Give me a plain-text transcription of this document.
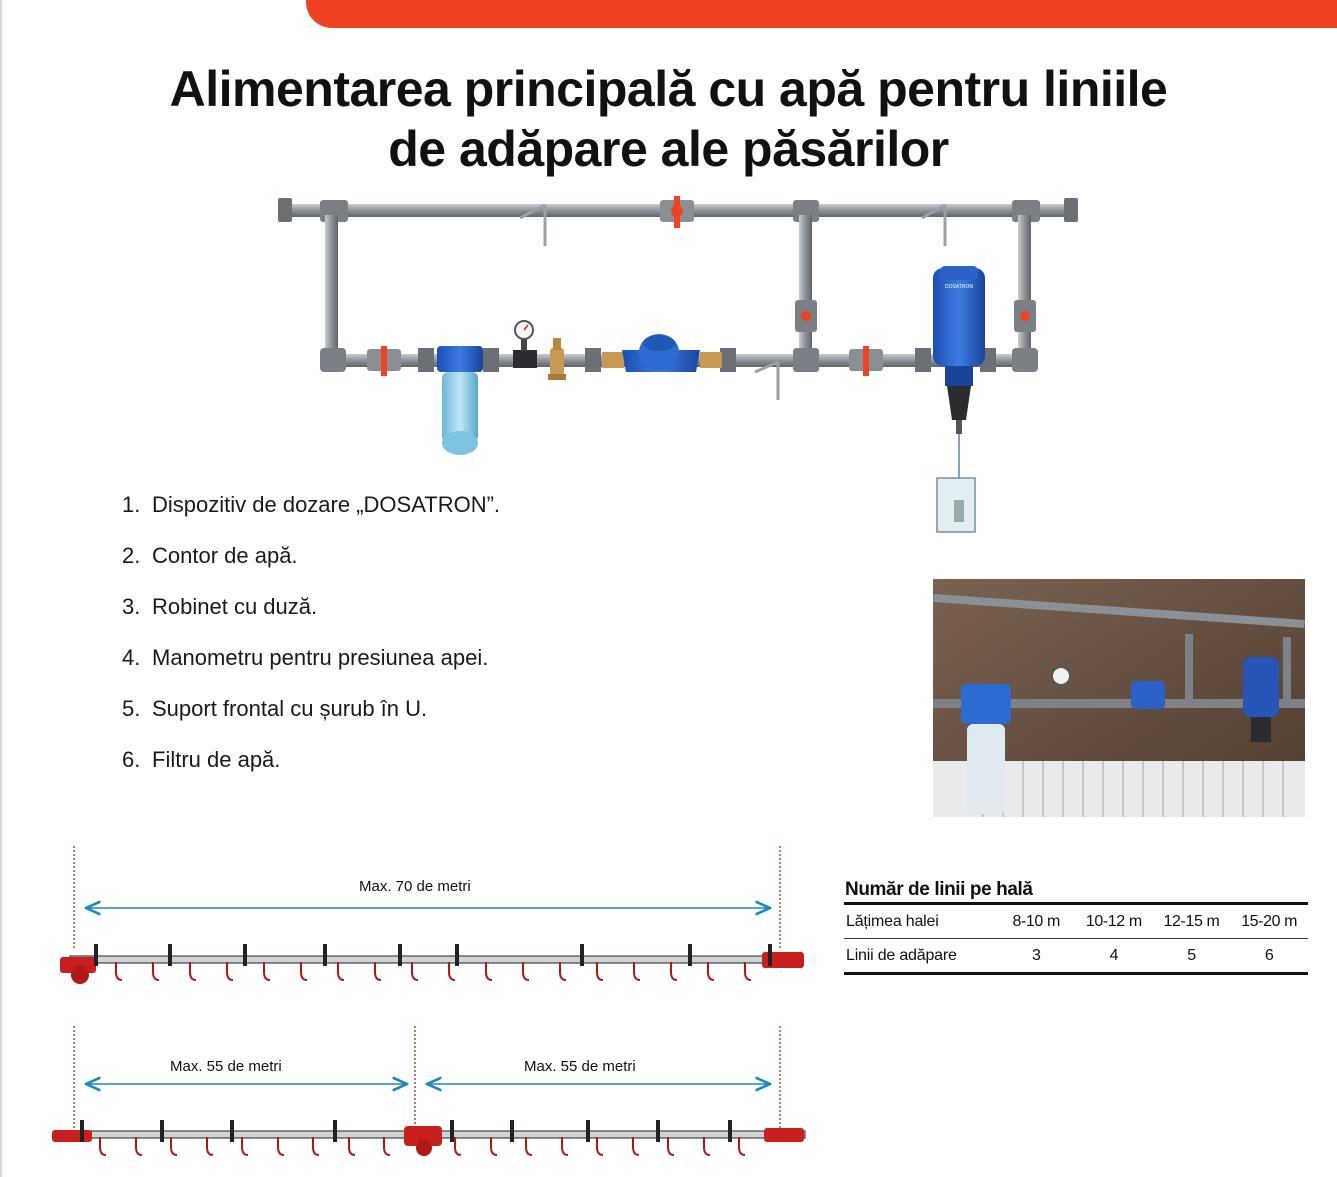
Alimentarea principală cu apă pentru liniile
de adăpare ale păsărilor
DOSATRON
1. Dispozitiv de dozare „DOSATRON”.
2. Contor de apă.
3. Robinet cu duză.
4. Manometru pentru presiunea apei.
5. Suport frontal cu șurub în U.
6. Filtru de apă.
Număr de linii pe hală
Lățimea halei	8-10 m	10-12 m	12-15 m	15-20 m
Linii de adăpare	3	4	5	6
Max. 70 de metri
Max. 55 de metri	Max. 55 de metri
